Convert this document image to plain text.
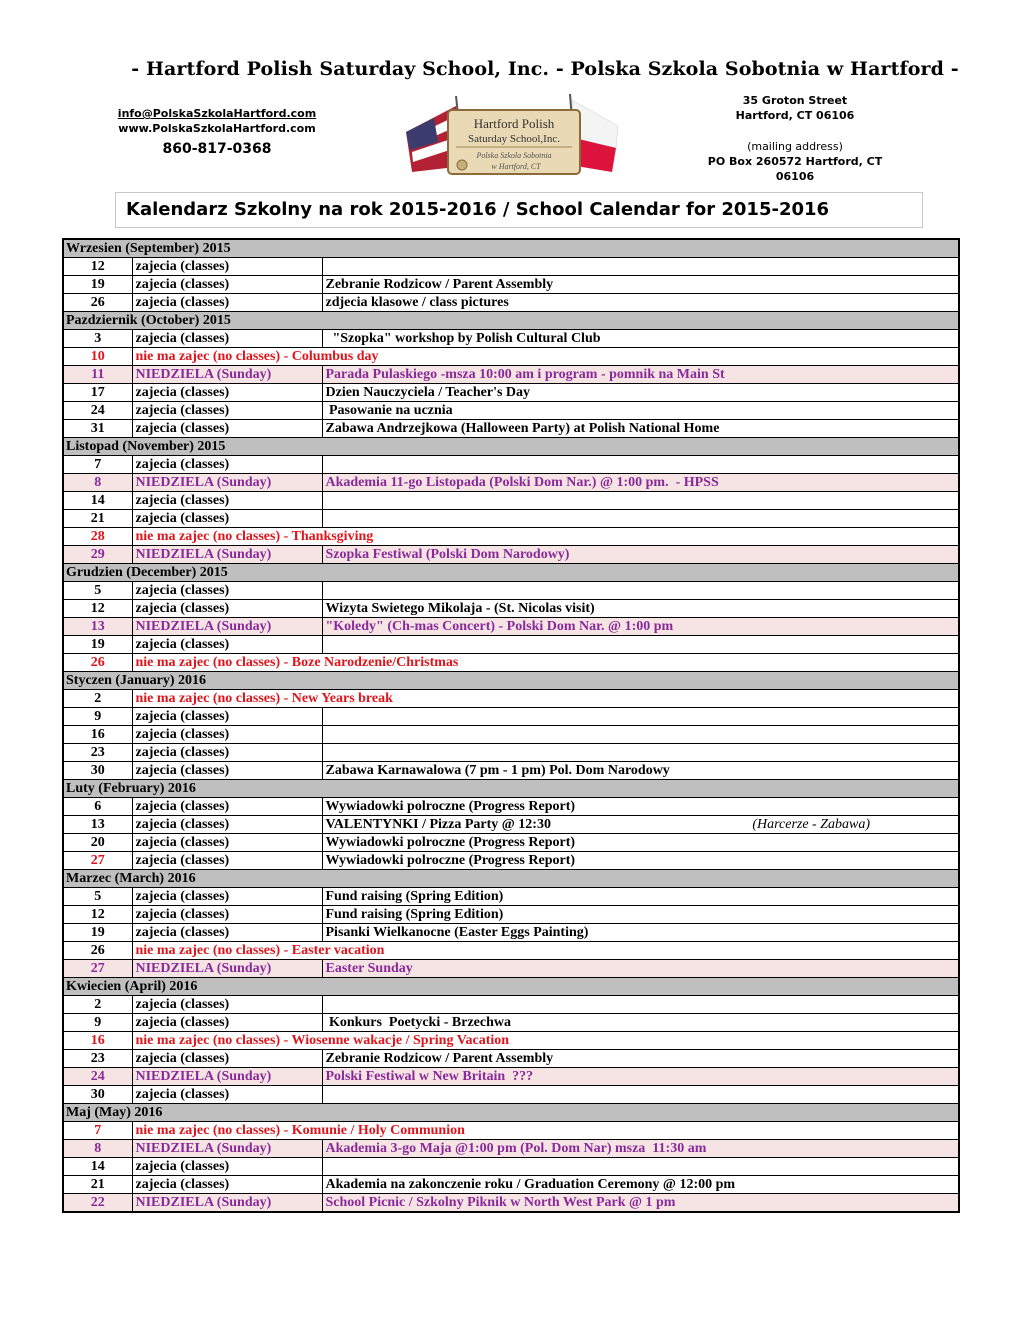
- Hartford Polish Saturday School, Inc. - Polska Szkola Sobotnia w Hartford -
info@PolskaSzkolaHartford.com
www.PolskaSzkolaHartford.com
860-817-0368
Hartford Polish
Saturday School,Inc.
Polska Szkola Sobotnia
w Hartford, CT
35 Groton Street
Hartford, CT 06106
(mailing address)
PO Box 260572 Hartford, CT 06106
Kalendarz Szkolny na rok 2015-2016 / School Calendar for 2015-2016
Wrzesien (September) 2015		
12	zajecia (classes)	
19	zajecia (classes)	Zebranie Rodzicow / Parent Assembly
26	zajecia (classes)	zdjecia klasowe / class pictures
Pazdziernik (October) 2015		
3	zajecia (classes)	"Szopka" workshop by Polish Cultural Club
10	nie ma zajec (no classes) - Columbus day	
11	NIEDZIELA (Sunday)	Parada Pulaskiego -msza 10:00 am i program - pomnik na Main St
17	zajecia (classes)	Dzien Nauczyciela / Teacher's Day
24	zajecia (classes)	Pasowanie na ucznia
31	zajecia (classes)	Zabawa Andrzejkowa (Halloween Party) at Polish National Home
Listopad (November) 2015		
7	zajecia (classes)	
8	NIEDZIELA (Sunday)	Akademia 11-go Listopada (Polski Dom Nar.) @ 1:00 pm.  - HPSS
14	zajecia (classes)	
21	zajecia (classes)	
28	nie ma zajec (no classes) - Thanksgiving	
29	NIEDZIELA (Sunday)	Szopka Festiwal (Polski Dom Narodowy)
Grudzien (December) 2015		
5	zajecia (classes)	
12	zajecia (classes)	Wizyta Swietego Mikolaja - (St. Nicolas visit)
13	NIEDZIELA (Sunday)	"Koledy" (Ch-mas Concert) - Polski Dom Nar. @ 1:00 pm
19	zajecia (classes)	
26	nie ma zajec (no classes) - Boze Narodzenie/Christmas	
Styczen (January) 2016		
2	nie ma zajec (no classes) - New Years break	
9	zajecia (classes)	
16	zajecia (classes)	
23	zajecia (classes)	
30	zajecia (classes)	Zabawa Karnawalowa (7 pm - 1 pm) Pol. Dom Narodowy
Luty (February) 2016		
6	zajecia (classes)	Wywiadowki polroczne (Progress Report)
13	zajecia (classes)	VALENTYNKI / Pizza Party @ 12:30 (Harcerze - Zabawa)

20	zajecia (classes)	Wywiadowki polroczne (Progress Report)
27	zajecia (classes)	Wywiadowki polroczne (Progress Report)
Marzec (March) 2016		
5	zajecia (classes)	Fund raising (Spring Edition)
12	zajecia (classes)	Fund raising (Spring Edition)
19	zajecia (classes)	Pisanki Wielkanocne (Easter Eggs Painting)
26	nie ma zajec (no classes) - Easter vacation	
27	NIEDZIELA (Sunday)	Easter Sunday
Kwiecien (April) 2016		
2	zajecia (classes)	
9	zajecia (classes)	Konkurs  Poetycki - Brzechwa
16	nie ma zajec (no classes) - Wiosenne wakacje / Spring Vacation	
23	zajecia (classes)	Zebranie Rodzicow / Parent Assembly
24	NIEDZIELA (Sunday)	Polski Festiwal w New Britain  ???
30	zajecia (classes)	
Maj (May) 2016		
7	nie ma zajec (no classes) - Komunie / Holy Communion	
8	NIEDZIELA (Sunday)	Akademia 3-go Maja @1:00 pm (Pol. Dom Nar) msza  11:30 am
14	zajecia (classes)	
21	zajecia (classes)	Akademia na zakonczenie roku / Graduation Ceremony @ 12:00 pm
22	NIEDZIELA (Sunday)	School Picnic / Szkolny Piknik w North West Park @ 1 pm
